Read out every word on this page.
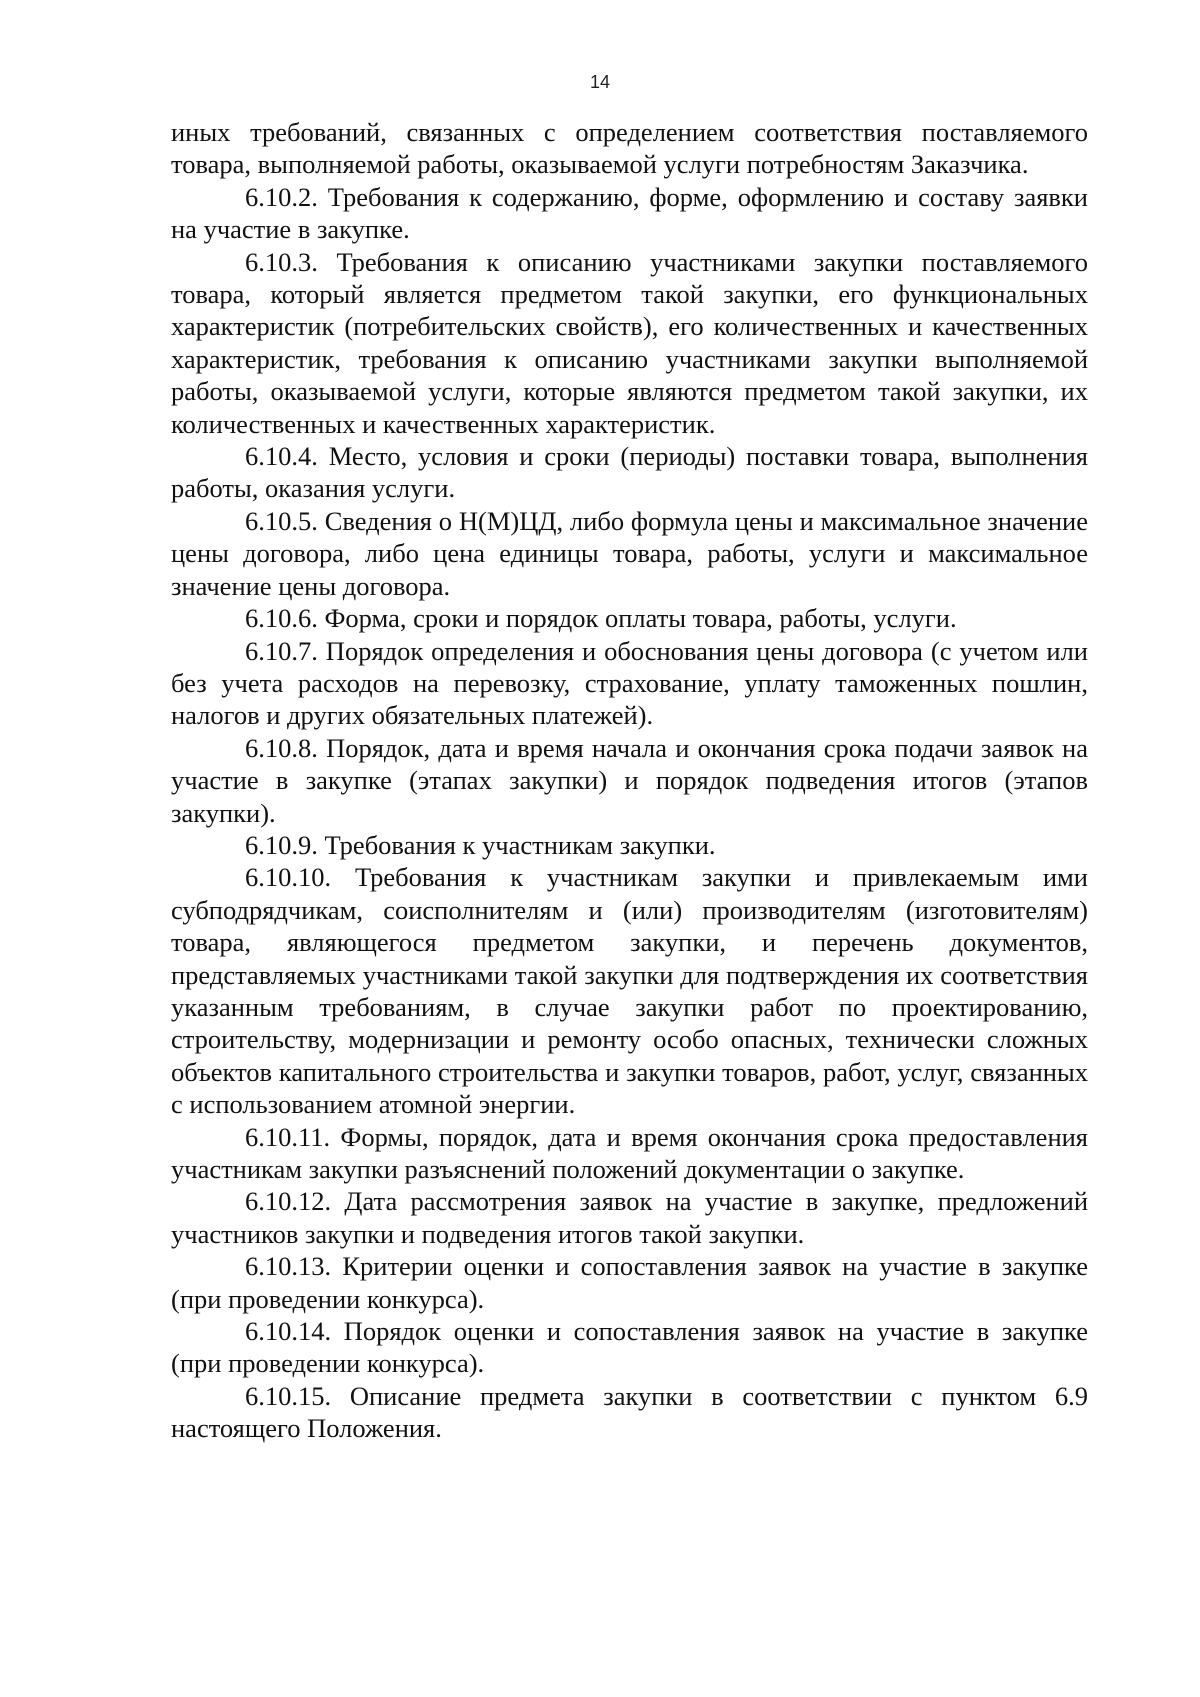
14

иных требований, связанных с определением соответствия поставляемого товара, выполняемой работы, оказываемой услуги потребностям Заказчика.

6.10.2. Требования к содержанию, форме, оформлению и составу заявки на участие в закупке.

6.10.3. Требования к описанию участниками закупки поставляемого товара, который является предметом такой закупки, его функциональных характеристик (потребительских свойств), его количественных и качественных характеристик, требования к описанию участниками закупки выполняемой работы, оказываемой услуги, которые являются предметом такой закупки, их количественных и качественных характеристик.

6.10.4. Место, условия и сроки (периоды) поставки товара, выполнения работы, оказания услуги.

6.10.5. Сведения о Н(М)ЦД, либо формула цены и максимальное значение цены договора, либо цена единицы товара, работы, услуги и максимальное значение цены договора.

6.10.6. Форма, сроки и порядок оплаты товара, работы, услуги.

6.10.7. Порядок определения и обоснования цены договора (с учетом или без учета расходов на перевозку, страхование, уплату таможенных пошлин, налогов и других обязательных платежей).

6.10.8. Порядок, дата и время начала и окончания срока подачи заявок на участие в закупке (этапах закупки) и порядок подведения итогов (этапов закупки).

6.10.9. Требования к участникам закупки.

6.10.10. Требования к участникам закупки и привлекаемым ими субподрядчикам, соисполнителям и (или) производителям (изготовителям) товара, являющегося предметом закупки, и перечень документов, представляемых участниками такой закупки для подтверждения их соответствия указанным требованиям, в случае закупки работ по проектированию, строительству, модернизации и ремонту особо опасных, технически сложных объектов капитального строительства и закупки товаров, работ, услуг, связанных с использованием атомной энергии.

6.10.11. Формы, порядок, дата и время окончания срока предоставления участникам закупки разъяснений положений документации о закупке.

6.10.12. Дата рассмотрения заявок на участие в закупке, предложений участников закупки и подведения итогов такой закупки.

6.10.13. Критерии оценки и сопоставления заявок на участие в закупке (при проведении конкурса).

6.10.14. Порядок оценки и сопоставления заявок на участие в закупке (при проведении конкурса).

6.10.15. Описание предмета закупки в соответствии с пунктом 6.9 настоящего Положения.
